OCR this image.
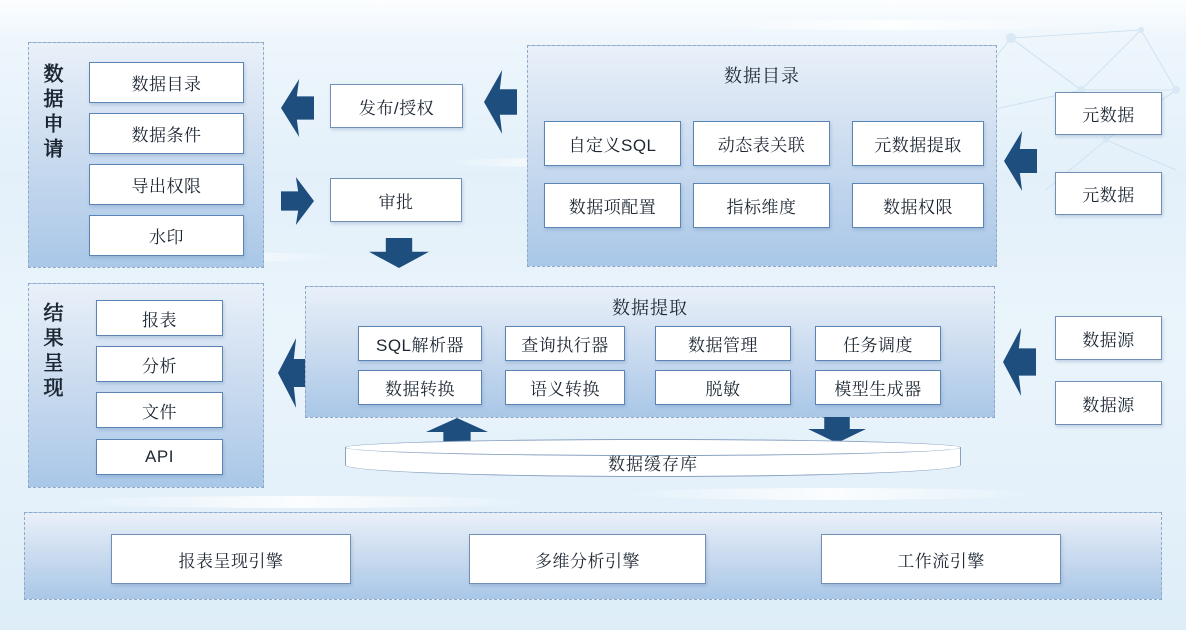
数据申请	数据目录
数据条件
导出权限
水印
发布/授权
审批
数据目录
自定义SQL	动态表关联	元数据提取
数据项配置	指标维度	数据权限
元数据
元数据
结果呈现	报表
分析
文件
API
数据提取
SQL解析器	查询执行器	数据管理	任务调度
数据转换	语义转换	脱敏	模型生成器
数据源
数据源
数据缓存库
报表呈现引擎	多维分析引擎	工作流引擎
